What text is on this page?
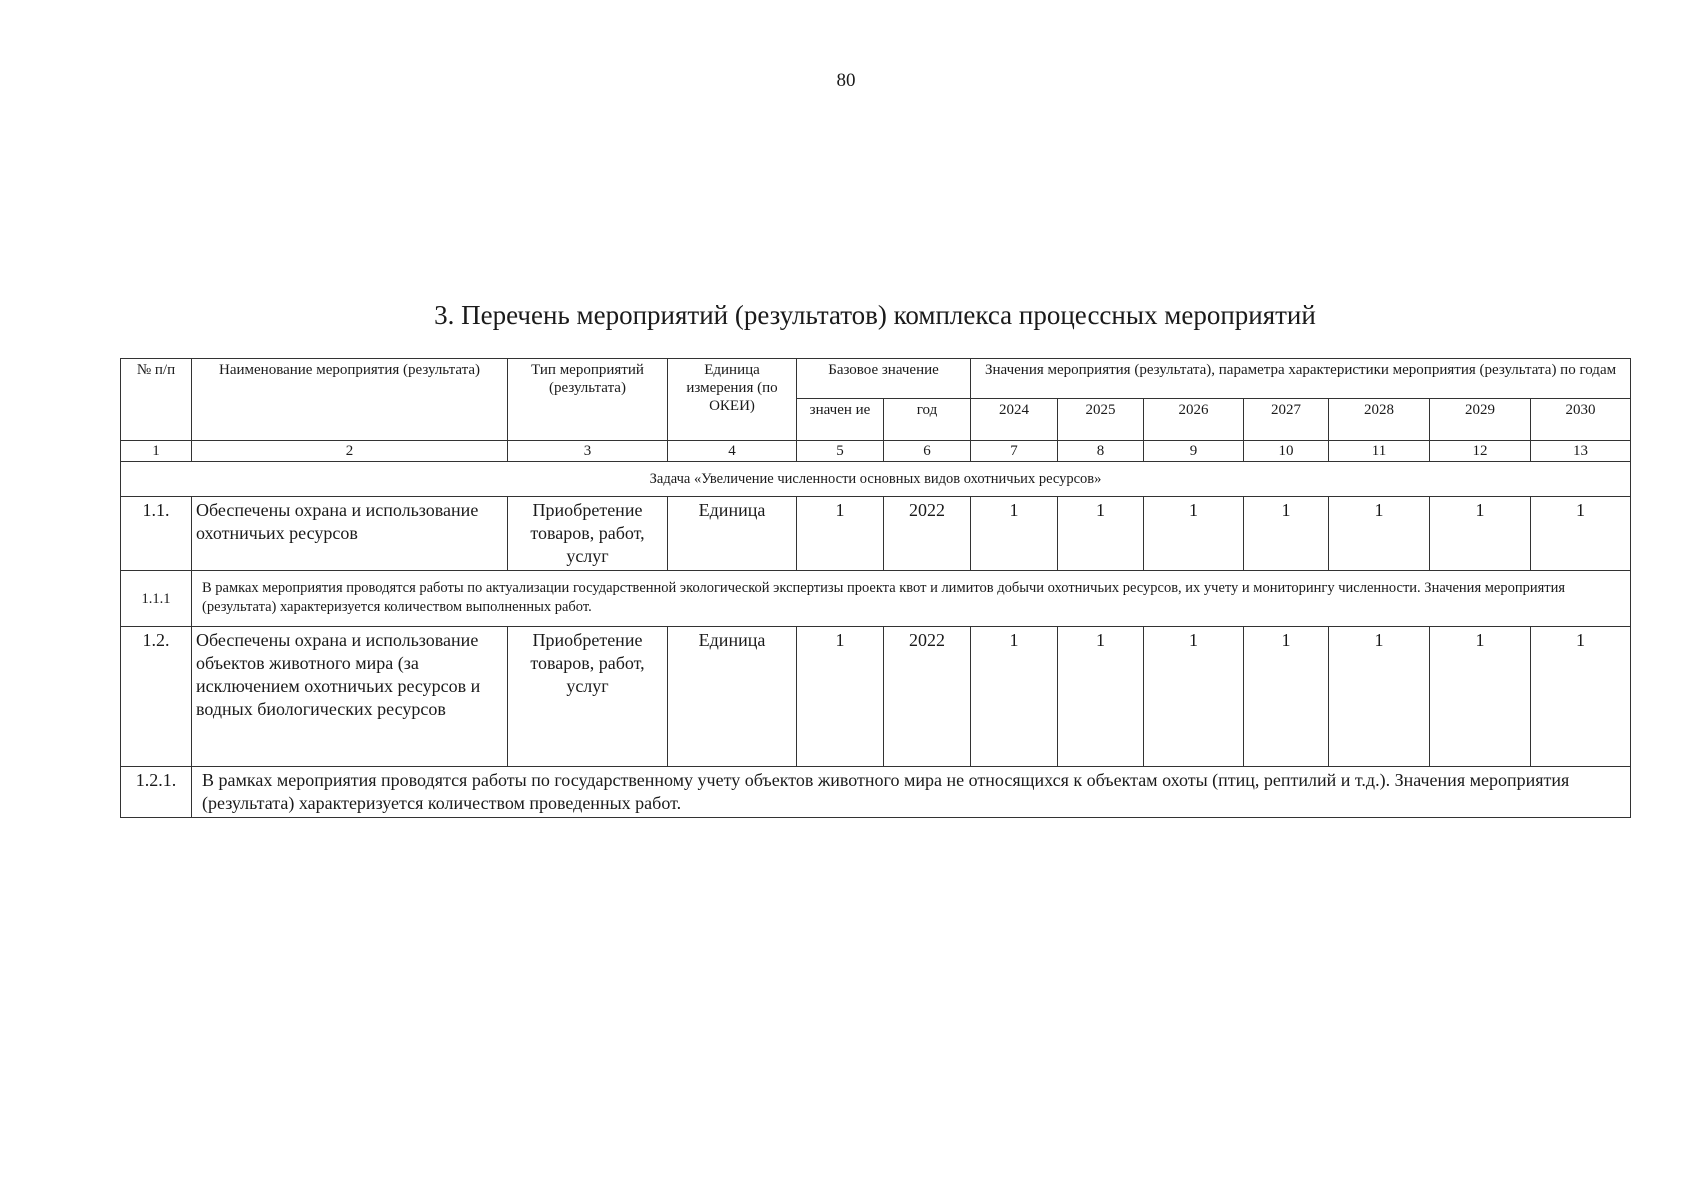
80
3. Перечень мероприятий (результатов) комплекса процессных мероприятий
№ п/п	Наименование мероприятия (результата)	Тип мероприятий (результата)	Единица измерения (по ОКЕИ)	Базовое значение		Значения мероприятия (результата), параметра характеристики мероприятия (результата) по годам						
				значен ие	год	2024	2025	2026	2027	2028	2029	2030
1	2	3	4	5	6	7	8	9	10	11	12	13
Задача «Увеличение численности основных видов охотничьих ресурсов»												
1.1.	Обеспечены охрана и использование охотничьих ресурсов	Приобретение товаров, работ, услуг	Единица	1	2022	1	1	1	1	1	1	1
1.1.1	В рамках мероприятия проводятся работы по актуализации государственной экологической экспертизы проекта квот и лимитов добычи охотничьих ресурсов, их учету и мониторингу численности. Значения мероприятия (результата) характеризуется количеством выполненных работ.											
1.2.	Обеспечены охрана и использование объектов животного мира (за исключением охотничьих ресурсов и водных биологических ресурсов	Приобретение товаров, работ, услуг	Единица	1	2022	1	1	1	1	1	1	1
1.2.1.	В рамках мероприятия проводятся работы по государственному учету объектов животного мира не относящихся к объектам охоты (птиц, рептилий и т.д.). Значения мероприятия (результата) характеризуется количеством проведенных работ.											
